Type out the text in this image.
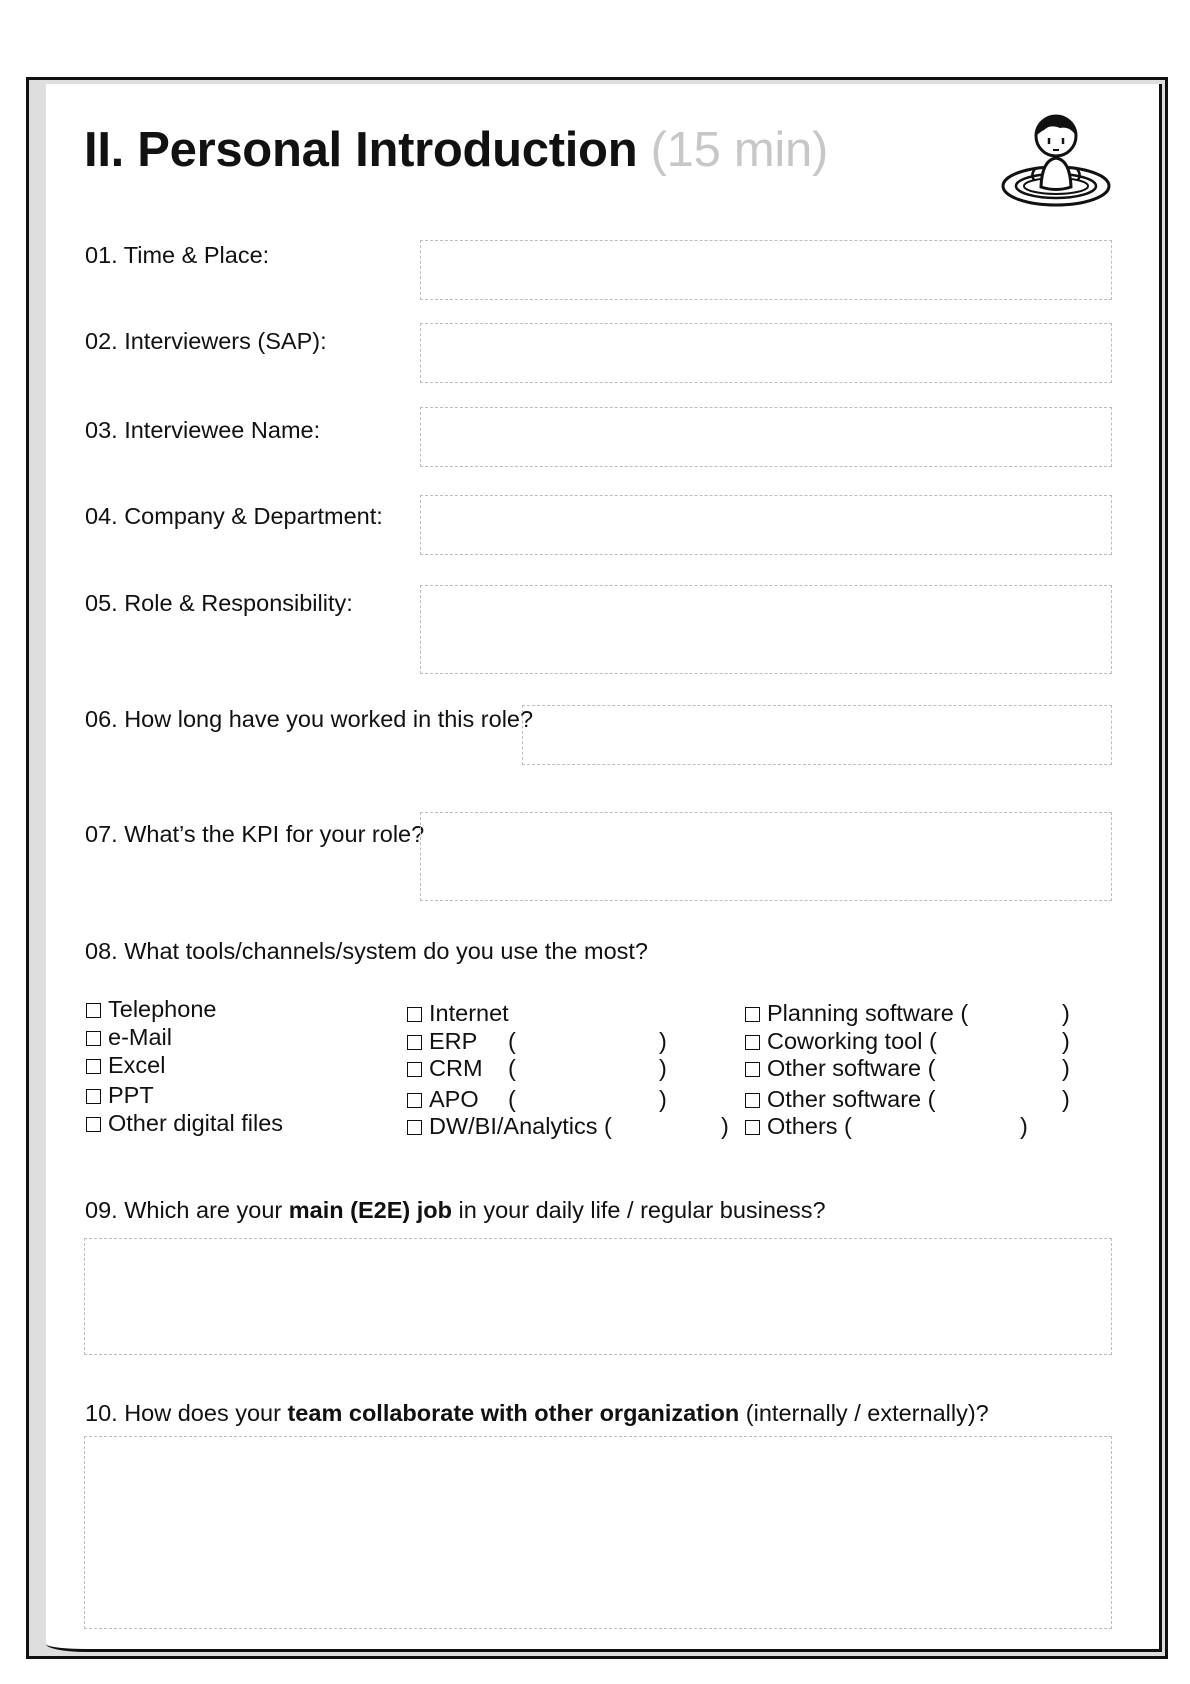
II. Personal Introduction (15 min)
01. Time & Place:
02. Interviewers (SAP):
03. Interviewee Name:
04. Company & Department:
05. Role & Responsibility:
06. How long have you worked in this role?
07. What’s the KPI for your role?
08. What tools/channels/system do you use the most?
Telephone
e-Mail
Excel
PPT
Other digital files
Internet
ERP (	)
CRM (	)
APO (	)
DW/BI/Analytics (	)
Planning software (	)
Coworking tool (	)
Other software (	)
Other software (	)
Others (	)
09. Which are your main (E2E) job in your daily life / regular business?
10. How does your team collaborate with other organization (internally / externally)?
